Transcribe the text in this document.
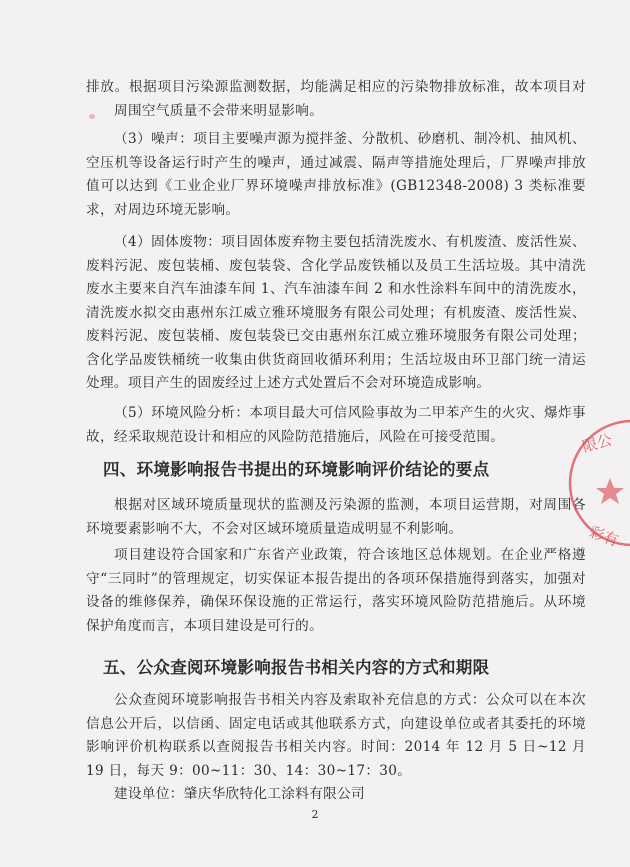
排放。根据项目污染源监测数据，均能满足相应的污染物排放标准，故本项目对周围空气质量不会带来明显影响。

（3）噪声：项目主要噪声源为搅拌釜、分散机、砂磨机、制冷机、抽风机、空压机等设备运行时产生的噪声，通过减震、隔声等措施处理后，厂界噪声排放值可以达到《工业企业厂界环境噪声排放标准》(GB12348-2008) 3 类标准要求，对周边环境无影响。

（4）固体废物：项目固体废弃物主要包括清洗废水、有机废渣、废活性炭、废料污泥、废包装桶、废包装袋、含化学品废铁桶以及员工生活垃圾。其中清洗废水主要来自汽车油漆车间 1、汽车油漆车间 2 和水性涂料车间中的清洗废水，清洗废水拟交由惠州东江威立雅环境服务有限公司处理；有机废渣、废活性炭、废料污泥、废包装桶、废包装袋已交由惠州东江威立雅环境服务有限公司处理；含化学品废铁桶统一收集由供货商回收循环利用；生活垃圾由环卫部门统一清运处理。项目产生的固废经过上述方式处置后不会对环境造成影响。

（5）环境风险分析：本项目最大可信风险事故为二甲苯产生的火灾、爆炸事故，经采取规范设计和相应的风险防范措施后，风险在可接受范围。

四、环境影响报告书提出的环境影响评价结论的要点

根据对区域环境质量现状的监测及污染源的监测，本项目运营期，对周围各环境要素影响不大，不会对区域环境质量造成明显不利影响。

项目建设符合国家和广东省产业政策，符合该地区总体规划。在企业严格遵守“三同时”的管理规定，切实保证本报告提出的各项环保措施得到落实，加强对设备的维修保养，确保环保设施的正常运行，落实环境风险防范措施后。从环境保护角度而言，本项目建设是可行的。

五、公众查阅环境影响报告书相关内容的方式和期限

公众查阅环境影响报告书相关内容及索取补充信息的方式：公众可以在本次信息公开后，以信函、固定电话或其他联系方式，向建设单位或者其委托的环境影响评价机构联系以查阅报告书相关内容。时间：2014 年 12 月 5 日~12 月 19 日，每天 9：00~11：30、14：30~17：30。

建设单位：肇庆华欣特化工涂料有限公司

2
限公
彩有
